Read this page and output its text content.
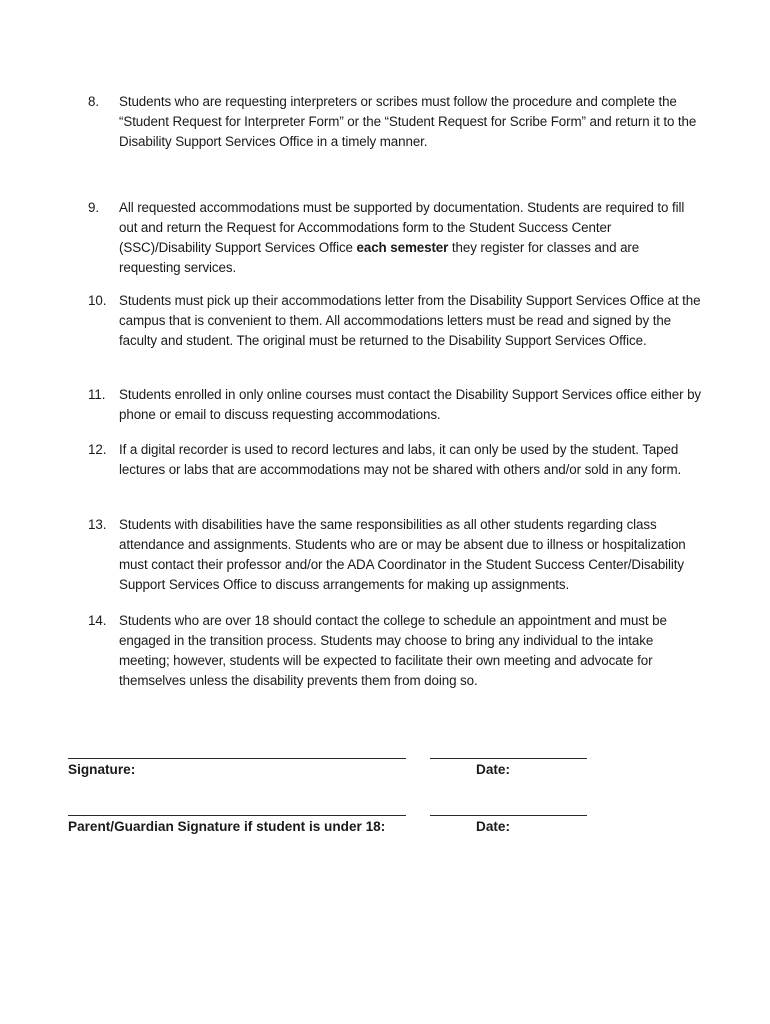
8.	Students who are requesting interpreters or scribes must follow the procedure and complete the “Student Request for Interpreter Form” or the “Student Request for Scribe Form” and return it to the Disability Support Services Office in a timely manner.
9.	All requested accommodations must be supported by documentation. Students are required to fill out and return the Request for Accommodations form to the Student Success Center (SSC)/Disability Support Services Office each semester they register for classes and are requesting services.
10. Students must pick up their accommodations letter from the Disability Support Services Office at the campus that is convenient to them. All accommodations letters must be read and signed by the faculty and student. The original must be returned to the Disability Support Services Office.
11.	Students enrolled in only online courses must contact the Disability Support Services office either by phone or email to discuss requesting accommodations.
12. If a digital recorder is used to record lectures and labs, it can only be used by the student. Taped lectures or labs that are accommodations may not be shared with others and/or sold in any form.
13. Students with disabilities have the same responsibilities as all other students regarding class attendance and assignments. Students who are or may be absent due to illness or hospitalization must contact their professor and/or the ADA Coordinator in the Student Success Center/Disability Support Services Office to discuss arrangements for making up assignments.
14. Students who are over 18 should contact the college to schedule an appointment and must be engaged in the transition process. Students may choose to bring any individual to the intake meeting; however, students will be expected to facilitate their own meeting and advocate for themselves unless the disability prevents them from doing so.
Signature:	Date:
Parent/Guardian Signature if student is under 18:	Date:
